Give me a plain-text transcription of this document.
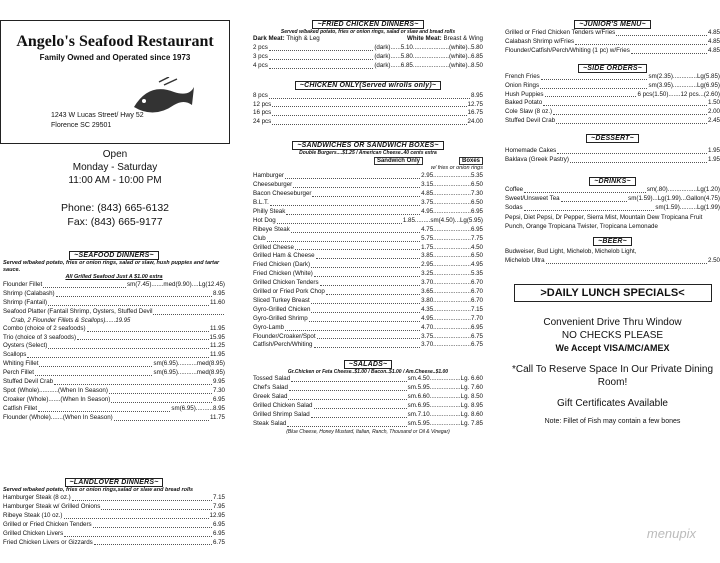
Angelo's Seafood Restaurant
Family Owned and Operated since 1973
1243 W Lucas Street/ Hwy 52
Florence SC 29501
Open
Monday - Saturday
11:00 AM - 10:00 PM
Phone: (843) 665-6132
Fax: (843) 665-9177
~SEAFOOD DINNERS~
Served w/baked potato, fries or onion rings, salad or slaw, hush puppies and tartar sauce.
All Grilled Seafood Just A $1.00 extra
Flounder Fillet	sm(7.45).......med(9.90)....Lg(12.45)
Shrimp (Calabash)	8.95
Shrimp (Fantail)	11.60
Seafood Platter (Fantail Shrimp, Oysters, Stuffed Devil
Crab, 2 Flounder Fillets & Scallops)......19.95
Combo (choice of 2 seafoods)	11.95
Trio (choice of 3 seafoods)	15.95
Oysters (Select)	11.25
Scallops	11.95
Whiting Fillet	sm(6.95)...........med(8.95)
Perch Fillet	sm(6.95)...........med(8.95)
Stuffed Devil Crab	9.95
Spot (Whole)...........(When In Season)	7.30
Croaker (Whole).......(When In Season)	6.95
Catfish Fillet	sm(6.95)..........8.95
Flounder (Whole).......(When In Season)	11.75
~LANDLOVER DINNERS~
Served w/baked potato, fries or onion rings,salad or slaw and bread rolls
Hamburger Steak (8 oz.)	7.15
Hamburger Steak w/ Grilled Onions	7.95
Ribeye Steak (10 oz.)	12.95
Grilled or Fried Chicken Tenders	6.95
Grilled Chicken Livers	6.95
Fried Chicken Livers or Gizzards	6.75
~FRIED CHICKEN DINNERS~
Served w/baked potato, fries or onion rings, salad or slaw and bread rolls
Dark Meat:
Thigh & Leg	White Meat:
Breast & Wing
2 pcs	(dark)......5.10.....................(white)..5.80
3 pcs	(dark)......5.80.....................(white)..6.85
4 pcs	(dark)......6.85.....................(white)..8.50
~CHICKEN ONLY(Served w/rolls only)~
8 pcs	8.95
12 pcs	12.75
16 pcs	16.75
24 pcs	24.00
~SANDWICHES OR SANDWICH BOXES~
Double Burgers....$1.25 / American Cheese..40 cents extra
Sandwich Only	Boxes
w/ fries or onion rings
Hamburger	2.95......................5.35
Cheeseburger	3.15......................6.50
Bacon Cheeseburger	4.85......................7.30
B.L.T.	3.75......................6.50
Philly Steak	4.95......................6.95
Hot Dog	1.85.........sm(4.50)...Lg(5.95)
Ribeye Steak	4.75......................6.95
Club	5.75......................7.75
Grilled Cheese	1.75......................4.50
Grilled Ham & Cheese	3.85......................6.50
Fried Chicken (Dark)	2.95......................4.95
Fried Chicken (White)	3.25......................5.35
Grilled Chicken Tenders	3.70......................6.70
Grilled or Fried Pork Chop	3.65......................6.70
Sliced Turkey Breast	3.80......................6.70
Gyro-Grilled Chicken	4.35......................7.15
Gyro-Grilled Shrimp	4.95......................7.70
Gyro-Lamb	4.70......................6.95
Flounder/Croaker/Spot	3.75......................6.75
Catfish/Perch/Whiting	3.70......................6.75
~SALADS~
Gr.Chicken or Feta Cheese..$1.00 / Bacon..$1.00 / Am.Cheese..$1.00
Tossed Salad	sm.4.50..................Lg. 6.60
Chef's Salad	sm.5.95..................Lg. 7.60
Greek Salad	sm.6.60..................Lg. 8.50
Grilled Chicken Salad	sm.6.95..................Lg. 8.95
Grilled Shrimp Salad	sm.7.10..................Lg. 8.60
Steak Salad	sm.5.95..................Lg. 7.85
(Blue Cheese, Honey Mustard, Italian, Ranch, Thousand or Oil & Vinegar)
~JUNIOR'S MENU~
Grilled or Fried Chicken Tenders w/Fries	4.85
Calabash Shrimp w/Fries	4.85
Flounder/Catfish/Perch/Whiting (1 pc) w/Fries	4.85
~SIDE ORDERS~
French Fries	sm(2.35)..............Lg(5.85)
Onion Rings	sm(3.95)..............Lg(6.95)
Hush Puppies	6 pcs(1.50).......12 pcs...(2.60)
Baked Potato	1.50
Cole Slaw (8 oz.)	2.00
Stuffed Devil Crab	2.45
~DESSERT~
Homemade Cakes	1.95
Baklava (Greek Pastry)	1.95
~DRINKS~
Coffee	sm(.80).................Lg(1.20)
Sweet/Unsweet Tea	sm(1.59)...Lg(1.99)...Gallon(4.75)
Sodas	sm(1.59)..........Lg(1.99)
Pepsi, Diet Pepsi, Dr Pepper, Sierra Mist, Mountain Dew Tropicana Fruit Punch, Orange Tropicana Twister, Tropicana Lemonade
~BEER~
Budweiser, Bud Light, Michelob, Michelob Light,
Michelob Ultra	2.50
>DAILY LUNCH SPECIALS<
Convenient Drive Thru Window
NO CHECKS PLEASE
We Accept VISA/MC/AMEX
*Call To Reserve Space In Our Private Dining Room!
Gift Certificates Available
Note: Fillet of Fish may contain a few bones
menupix
